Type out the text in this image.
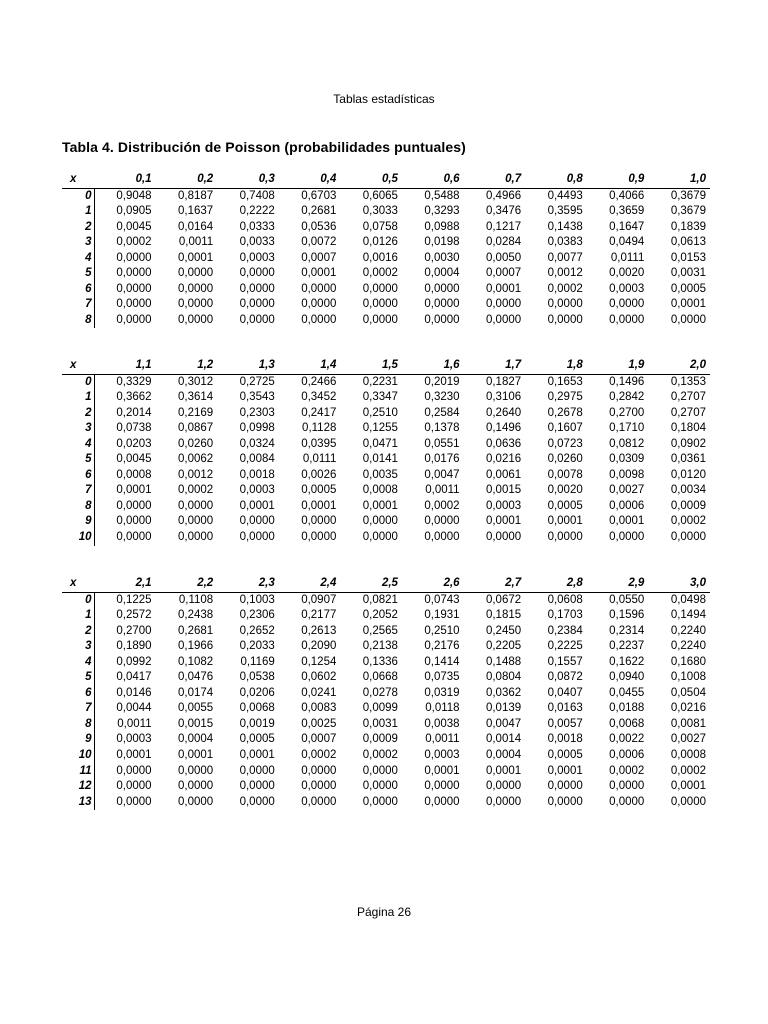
Tablas estadísticas
Tabla 4. Distribución de Poisson (probabilidades puntuales)
x	0,1	0,2	0,3	0,4	0,5	0,6	0,7	0,8	0,9	1,0
0	0,9048	0,8187	0,7408	0,6703	0,6065	0,5488	0,4966	0,4493	0,4066	0,3679
1	0,0905	0,1637	0,2222	0,2681	0,3033	0,3293	0,3476	0,3595	0,3659	0,3679
2	0,0045	0,0164	0,0333	0,0536	0,0758	0,0988	0,1217	0,1438	0,1647	0,1839
3	0,0002	0,0011	0,0033	0,0072	0,0126	0,0198	0,0284	0,0383	0,0494	0,0613
4	0,0000	0,0001	0,0003	0,0007	0,0016	0,0030	0,0050	0,0077	0,0111	0,0153
5	0,0000	0,0000	0,0000	0,0001	0,0002	0,0004	0,0007	0,0012	0,0020	0,0031
6	0,0000	0,0000	0,0000	0,0000	0,0000	0,0000	0,0001	0,0002	0,0003	0,0005
7	0,0000	0,0000	0,0000	0,0000	0,0000	0,0000	0,0000	0,0000	0,0000	0,0001
8	0,0000	0,0000	0,0000	0,0000	0,0000	0,0000	0,0000	0,0000	0,0000	0,0000
x	1,1	1,2	1,3	1,4	1,5	1,6	1,7	1,8	1,9	2,0
0	0,3329	0,3012	0,2725	0,2466	0,2231	0,2019	0,1827	0,1653	0,1496	0,1353
1	0,3662	0,3614	0,3543	0,3452	0,3347	0,3230	0,3106	0,2975	0,2842	0,2707
2	0,2014	0,2169	0,2303	0,2417	0,2510	0,2584	0,2640	0,2678	0,2700	0,2707
3	0,0738	0,0867	0,0998	0,1128	0,1255	0,1378	0,1496	0,1607	0,1710	0,1804
4	0,0203	0,0260	0,0324	0,0395	0,0471	0,0551	0,0636	0,0723	0,0812	0,0902
5	0,0045	0,0062	0,0084	0,0111	0,0141	0,0176	0,0216	0,0260	0,0309	0,0361
6	0,0008	0,0012	0,0018	0,0026	0,0035	0,0047	0,0061	0,0078	0,0098	0,0120
7	0,0001	0,0002	0,0003	0,0005	0,0008	0,0011	0,0015	0,0020	0,0027	0,0034
8	0,0000	0,0000	0,0001	0,0001	0,0001	0,0002	0,0003	0,0005	0,0006	0,0009
9	0,0000	0,0000	0,0000	0,0000	0,0000	0,0000	0,0001	0,0001	0,0001	0,0002
10	0,0000	0,0000	0,0000	0,0000	0,0000	0,0000	0,0000	0,0000	0,0000	0,0000
x	2,1	2,2	2,3	2,4	2,5	2,6	2,7	2,8	2,9	3,0
0	0,1225	0,1108	0,1003	0,0907	0,0821	0,0743	0,0672	0,0608	0,0550	0,0498
1	0,2572	0,2438	0,2306	0,2177	0,2052	0,1931	0,1815	0,1703	0,1596	0,1494
2	0,2700	0,2681	0,2652	0,2613	0,2565	0,2510	0,2450	0,2384	0,2314	0,2240
3	0,1890	0,1966	0,2033	0,2090	0,2138	0,2176	0,2205	0,2225	0,2237	0,2240
4	0,0992	0,1082	0,1169	0,1254	0,1336	0,1414	0,1488	0,1557	0,1622	0,1680
5	0,0417	0,0476	0,0538	0,0602	0,0668	0,0735	0,0804	0,0872	0,0940	0,1008
6	0,0146	0,0174	0,0206	0,0241	0,0278	0,0319	0,0362	0,0407	0,0455	0,0504
7	0,0044	0,0055	0,0068	0,0083	0,0099	0,0118	0,0139	0,0163	0,0188	0,0216
8	0,0011	0,0015	0,0019	0,0025	0,0031	0,0038	0,0047	0,0057	0,0068	0,0081
9	0,0003	0,0004	0,0005	0,0007	0,0009	0,0011	0,0014	0,0018	0,0022	0,0027
10	0,0001	0,0001	0,0001	0,0002	0,0002	0,0003	0,0004	0,0005	0,0006	0,0008
11	0,0000	0,0000	0,0000	0,0000	0,0000	0,0001	0,0001	0,0001	0,0002	0,0002
12	0,0000	0,0000	0,0000	0,0000	0,0000	0,0000	0,0000	0,0000	0,0000	0,0001
13	0,0000	0,0000	0,0000	0,0000	0,0000	0,0000	0,0000	0,0000	0,0000	0,0000
Página 26
